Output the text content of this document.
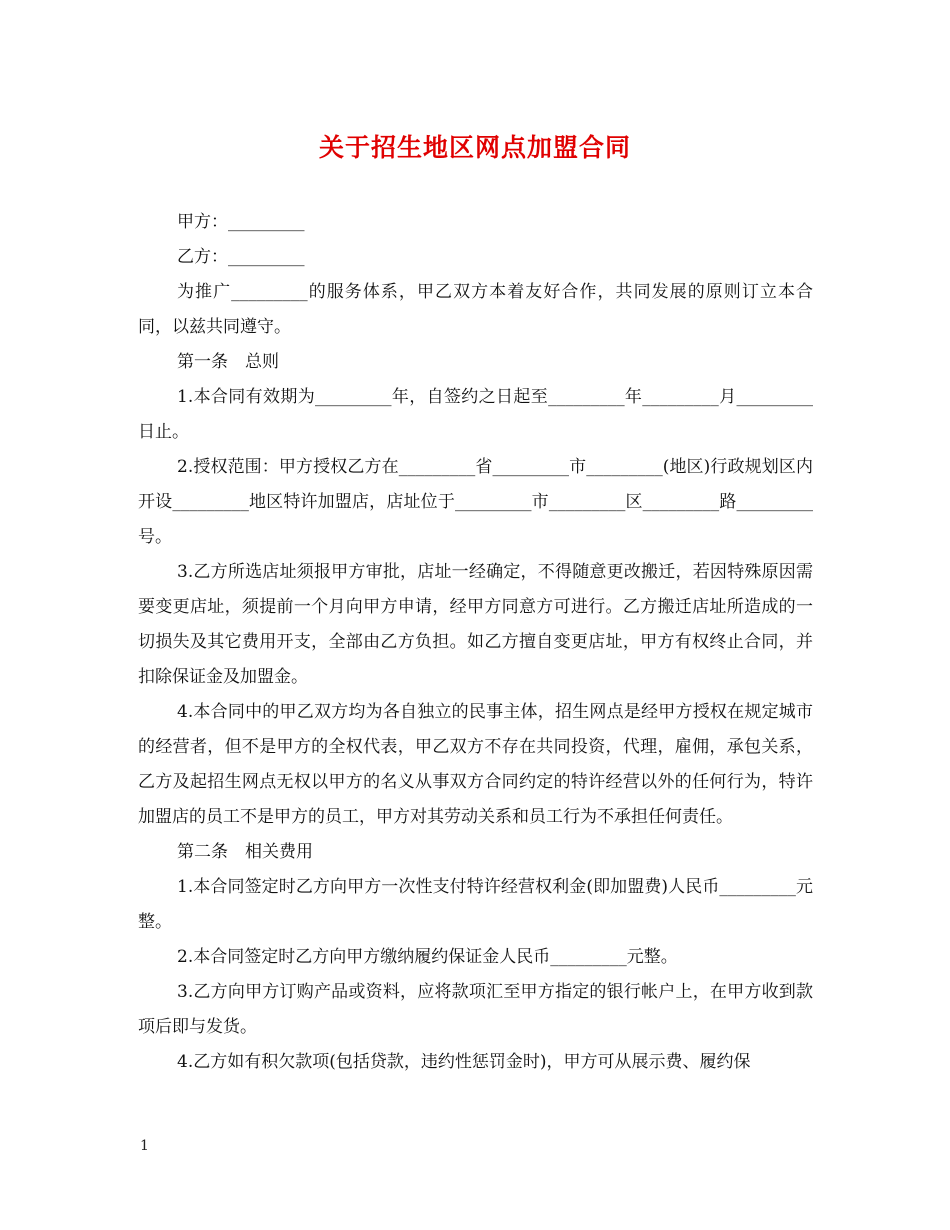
关于招生地区网点加盟合同

甲方：_________

乙方：_________

为推广_________的服务体系，甲乙双方本着友好合作，共同发展的原则订立本合同，以兹共同遵守。

第一条　总则

1.本合同有效期为_________年，自签约之日起至_________年_________月_________日止。

2.授权范围：甲方授权乙方在_________省_________市_________(地区)行政规划区内开设_________地区特许加盟店，店址位于_________市_________区_________路_________号。

3.乙方所选店址须报甲方审批，店址一经确定，不得随意更改搬迁，若因特殊原因需要变更店址，须提前一个月向甲方申请，经甲方同意方可进行。乙方搬迁店址所造成的一切损失及其它费用开支，全部由乙方负担。如乙方擅自变更店址，甲方有权终止合同，并扣除保证金及加盟金。

4.本合同中的甲乙双方均为各自独立的民事主体，招生网点是经甲方授权在规定城市的经营者，但不是甲方的全权代表，甲乙双方不存在共同投资，代理，雇佣，承包关系，乙方及起招生网点无权以甲方的名义从事双方合同约定的特许经营以外的任何行为，特许加盟店的员工不是甲方的员工，甲方对其劳动关系和员工行为不承担任何责任。

第二条　相关费用

1.本合同签定时乙方向甲方一次性支付特许经营权利金(即加盟费)人民币_________元整。

2.本合同签定时乙方向甲方缴纳履约保证金人民币_________元整。

3.乙方向甲方订购产品或资料，应将款项汇至甲方指定的银行帐户上，在甲方收到款项后即与发货。

4.乙方如有积欠款项(包括贷款，违约性惩罚金时)，甲方可从展示费、履约保

1
